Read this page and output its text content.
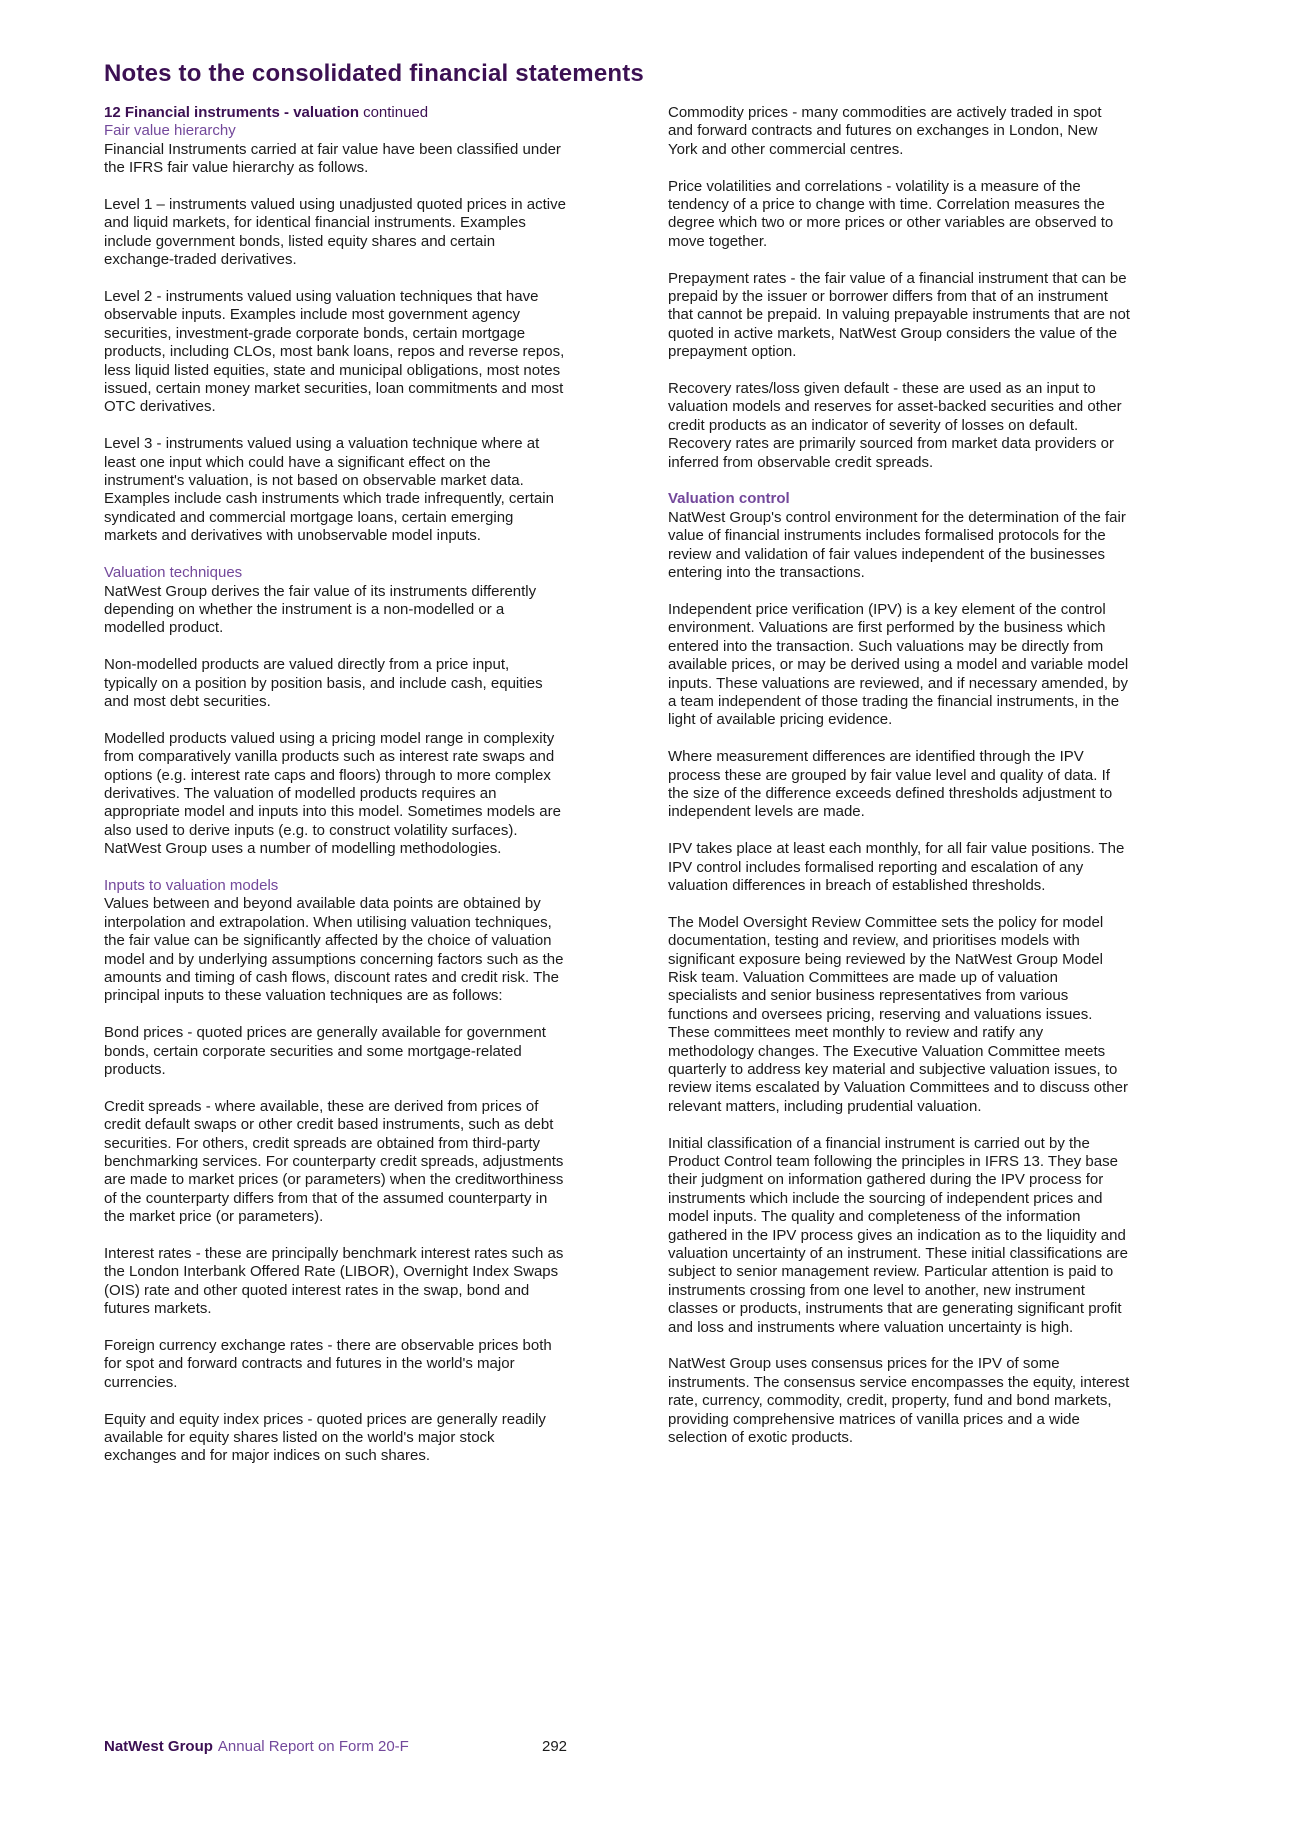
Notes to the consolidated financial statements
12 Financial instruments - valuation continued
Fair value hierarchy

Financial Instruments carried at fair value have been classified under the IFRS fair value hierarchy as follows.

Level 1 – instruments valued using unadjusted quoted prices in active and liquid markets, for identical financial instruments. Examples include government bonds, listed equity shares and certain exchange-traded derivatives.

Level 2 - instruments valued using valuation techniques that have observable inputs. Examples include most government agency securities, investment-grade corporate bonds, certain mortgage products, including CLOs, most bank loans, repos and reverse repos, less liquid listed equities, state and municipal obligations, most notes issued, certain money market securities, loan commitments and most OTC derivatives.

Level 3 - instruments valued using a valuation technique where at least one input which could have a significant effect on the instrument's valuation, is not based on observable market data. Examples include cash instruments which trade infrequently, certain syndicated and commercial mortgage loans, certain emerging markets and derivatives with unobservable model inputs.

Valuation techniques

NatWest Group derives the fair value of its instruments differently depending on whether the instrument is a non-modelled or a modelled product.

Non-modelled products are valued directly from a price input, typically on a position by position basis, and include cash, equities and most debt securities.

Modelled products valued using a pricing model range in complexity from comparatively vanilla products such as interest rate swaps and options (e.g. interest rate caps and floors) through to more complex derivatives. The valuation of modelled products requires an appropriate model and inputs into this model. Sometimes models are also used to derive inputs (e.g. to construct volatility surfaces). NatWest Group uses a number of modelling methodologies.

Inputs to valuation models

Values between and beyond available data points are obtained by interpolation and extrapolation. When utilising valuation techniques, the fair value can be significantly affected by the choice of valuation model and by underlying assumptions concerning factors such as the amounts and timing of cash flows, discount rates and credit risk. The principal inputs to these valuation techniques are as follows:

Bond prices - quoted prices are generally available for government bonds, certain corporate securities and some mortgage-related products.

Credit spreads - where available, these are derived from prices of credit default swaps or other credit based instruments, such as debt securities. For others, credit spreads are obtained from third-party benchmarking services. For counterparty credit spreads, adjustments are made to market prices (or parameters) when the creditworthiness of the counterparty differs from that of the assumed counterparty in the market price (or parameters).

Interest rates - these are principally benchmark interest rates such as the London Interbank Offered Rate (LIBOR), Overnight Index Swaps (OIS) rate and other quoted interest rates in the swap, bond and futures markets.

Foreign currency exchange rates - there are observable prices both for spot and forward contracts and futures in the world's major currencies.

Equity and equity index prices - quoted prices are generally readily available for equity shares listed on the world's major stock exchanges and for major indices on such shares.

Commodity prices - many commodities are actively traded in spot and forward contracts and futures on exchanges in London, New York and other commercial centres.

Price volatilities and correlations - volatility is a measure of the tendency of a price to change with time. Correlation measures the degree which two or more prices or other variables are observed to move together.

Prepayment rates - the fair value of a financial instrument that can be prepaid by the issuer or borrower differs from that of an instrument that cannot be prepaid. In valuing prepayable instruments that are not quoted in active markets, NatWest Group considers the value of the prepayment option.

Recovery rates/loss given default - these are used as an input to valuation models and reserves for asset-backed securities and other credit products as an indicator of severity of losses on default. Recovery rates are primarily sourced from market data providers or inferred from observable credit spreads.

Valuation control

NatWest Group's control environment for the determination of the fair value of financial instruments includes formalised protocols for the review and validation of fair values independent of the businesses entering into the transactions.

Independent price verification (IPV) is a key element of the control environment. Valuations are first performed by the business which entered into the transaction. Such valuations may be directly from available prices, or may be derived using a model and variable model inputs. These valuations are reviewed, and if necessary amended, by a team independent of those trading the financial instruments, in the light of available pricing evidence.

Where measurement differences are identified through the IPV process these are grouped by fair value level and quality of data. If the size of the difference exceeds defined thresholds adjustment to independent levels are made.

IPV takes place at least each monthly, for all fair value positions. The IPV control includes formalised reporting and escalation of any valuation differences in breach of established thresholds.

The Model Oversight Review Committee sets the policy for model documentation, testing and review, and prioritises models with significant exposure being reviewed by the NatWest Group Model Risk team. Valuation Committees are made up of valuation specialists and senior business representatives from various functions and oversees pricing, reserving and valuations issues. These committees meet monthly to review and ratify any methodology changes. The Executive Valuation Committee meets quarterly to address key material and subjective valuation issues, to review items escalated by Valuation Committees and to discuss other relevant matters, including prudential valuation.

Initial classification of a financial instrument is carried out by the Product Control team following the principles in IFRS 13. They base their judgment on information gathered during the IPV process for instruments which include the sourcing of independent prices and model inputs. The quality and completeness of the information gathered in the IPV process gives an indication as to the liquidity and valuation uncertainty of an instrument. These initial classifications are subject to senior management review. Particular attention is paid to instruments crossing from one level to another, new instrument classes or products, instruments that are generating significant profit and loss and instruments where valuation uncertainty is high.

NatWest Group uses consensus prices for the IPV of some instruments. The consensus service encompasses the equity, interest rate, currency, commodity, credit, property, fund and bond markets, providing comprehensive matrices of vanilla prices and a wide selection of exotic products.

NatWest Group Annual Report on Form 20-F	292
